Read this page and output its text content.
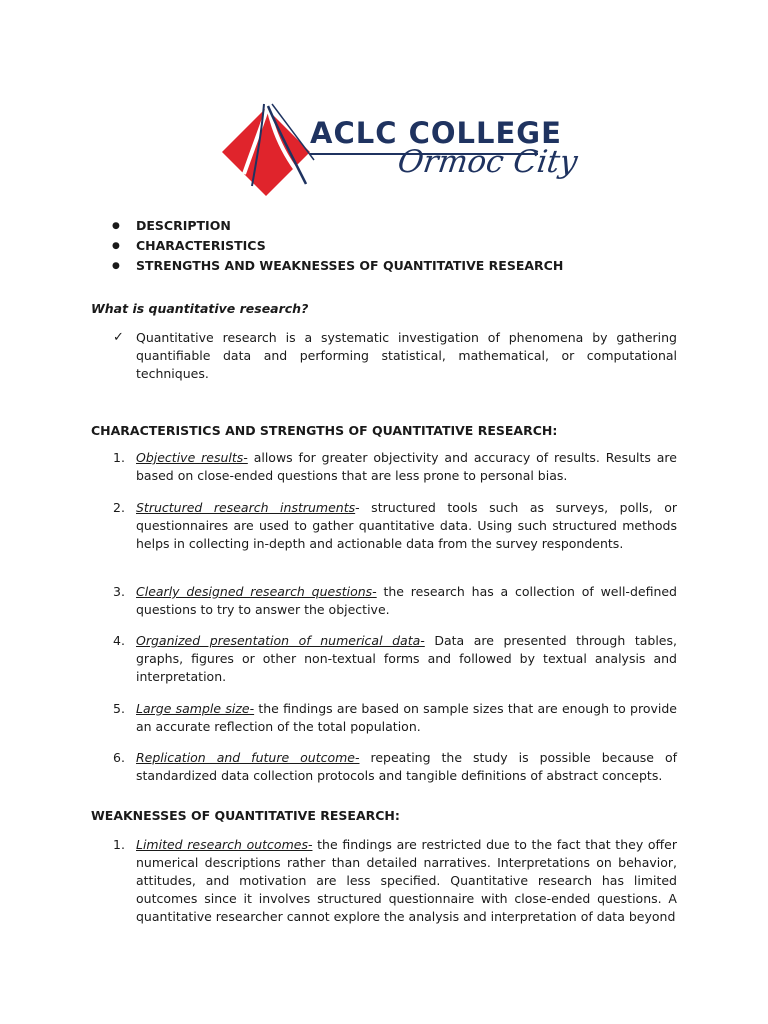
ACLC COLLEGE
Ormoc City
● DESCRIPTION
● CHARACTERISTICS
● STRENGTHS AND WEAKNESSES OF QUANTITATIVE RESEARCH
What is quantitative research?
✓ Quantitative research is a systematic investigation of phenomena by gathering quantifiable data and performing statistical, mathematical, or computational techniques.

CHARACTERISTICS AND STRENGTHS OF QUANTITATIVE RESEARCH:
1. Objective results- allows for greater objectivity and accuracy of results. Results are based on close-ended questions that are less prone to personal bias.

2. Structured research instruments- structured tools such as surveys, polls, or questionnaires are used to gather quantitative data. Using such structured methods helps in collecting in-depth and actionable data from the survey respondents.

3. Clearly designed research questions- the research has a collection of well-defined questions to try to answer the objective.

4. Organized presentation of numerical data- Data are presented through tables, graphs, figures or other non-textual forms and followed by textual analysis and interpretation.

5. Large sample size- the findings are based on sample sizes that are enough to provide an accurate reflection of the total population.

6. Replication and future outcome- repeating the study is possible because of standardized data collection protocols and tangible definitions of abstract concepts.

WEAKNESSES OF QUANTITATIVE RESEARCH:
1. Limited research outcomes- the findings are restricted due to the fact that they offer numerical descriptions rather than detailed narratives. Interpretations on behavior, attitudes, and motivation are less specified. Quantitative research has limited outcomes since it involves structured questionnaire with close-ended questions. A quantitative researcher cannot explore the analysis and interpretation of data beyond
